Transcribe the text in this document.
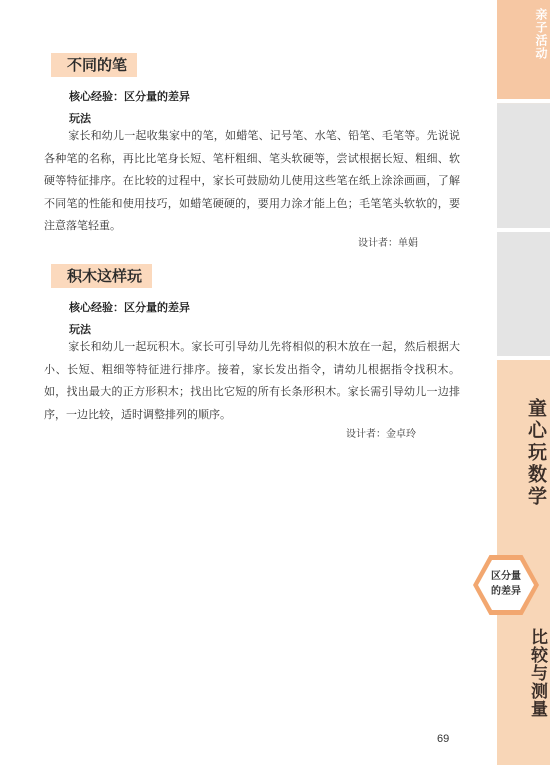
亲子活动
童心玩数学
比较与测量
区分量的差异
不同的笔
核心经验：区分量的差异
玩法

家长和幼儿一起收集家中的笔，如蜡笔、记号笔、水笔、铅笔、毛笔等。先说说各种笔的名称，再比比笔身长短、笔杆粗细、笔头软硬等，尝试根据长短、粗细、软硬等特征排序。在比较的过程中，家长可鼓励幼儿使用这些笔在纸上涂涂画画，了解不同笔的性能和使用技巧，如蜡笔硬硬的，要用力涂才能上色；毛笔笔头软软的，要注意落笔轻重。

设计者：单娟
积木这样玩
核心经验：区分量的差异
玩法

家长和幼儿一起玩积木。家长可引导幼儿先将相似的积木放在一起，然后根据大小、长短、粗细等特征进行排序。接着，家长发出指令，请幼儿根据指令找积木。如，找出最大的正方形积木；找出比它短的所有长条形积木。家长需引导幼儿一边排序，一边比较，适时调整排列的顺序。

设计者：金卓玲
69
